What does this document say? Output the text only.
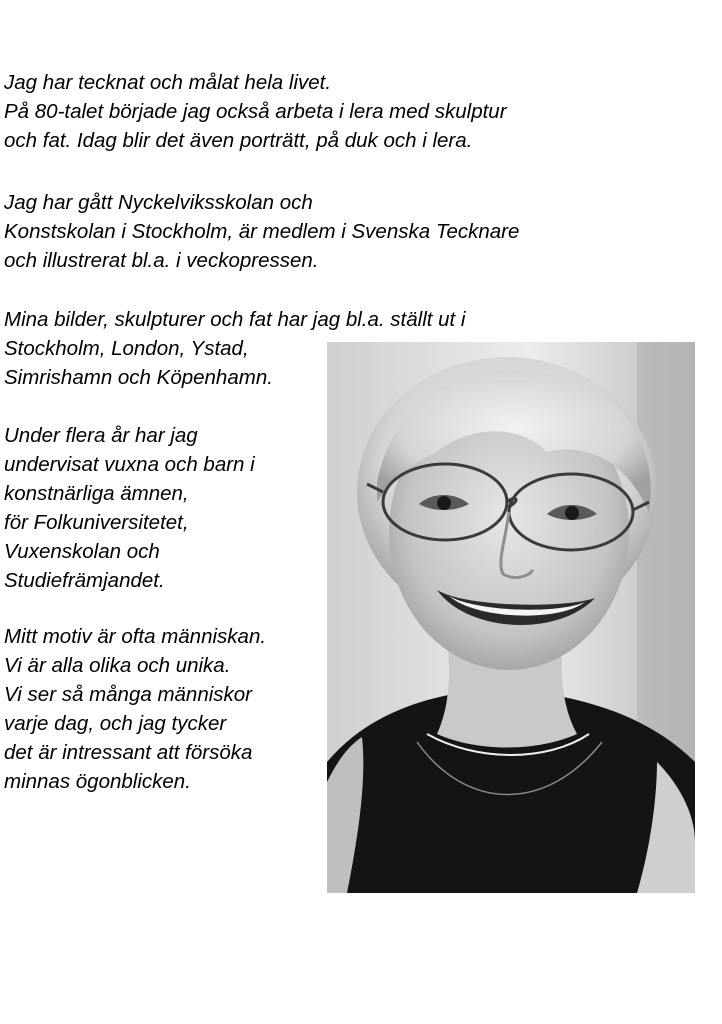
Jag har tecknat och målat hela livet.
På 80-talet började jag också arbeta i lera med skulptur
och fat. Idag blir det även porträtt, på duk och i lera.
Jag har gått Nyckelviksskolan och
Konstskolan i Stockholm, är medlem i Svenska Tecknare
och illustrerat bl.a. i veckopressen.
Mina bilder, skulpturer och fat har jag bl.a. ställt ut i
Stockholm, London, Ystad,
Simrishamn och Köpenhamn.
Under flera år har jag
undervisat vuxna och barn i
konstnärliga ämnen,
för Folkuniversitetet,
Vuxenskolan och
Studiefrämjandet.
Mitt motiv är ofta människan.
Vi är alla olika och unika.
Vi ser så många människor
varje dag, och jag tycker
det är intressant att försöka
minnas ögonblicken.
